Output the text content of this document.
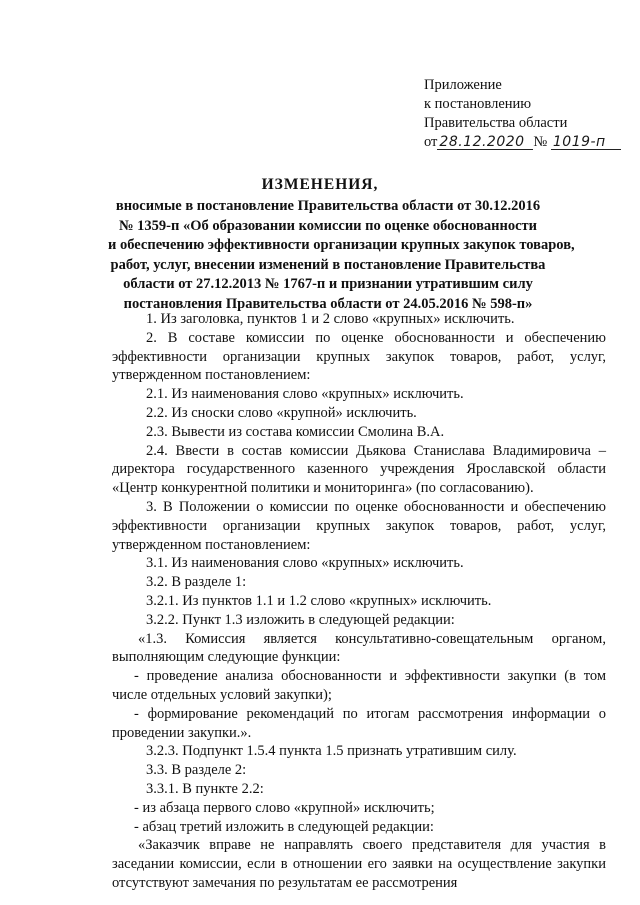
Приложение
к постановлению
Правительства области
от 28.12.2020 № 1019-п
ИЗМЕНЕНИЯ,
вносимые в постановление Правительства области от 30.12.2016
№ 1359-п «Об образовании комиссии по оценке обоснованности
и обеспечению эффективности организации крупных закупок товаров,
работ, услуг, внесении изменений в постановление Правительства
области от 27.12.2013 № 1767-п и признании утратившим силу
постановления Правительства области от 24.05.2016 № 598-п»

1. Из заголовка, пунктов 1 и 2 слово «крупных» исключить.

2. В составе комиссии по оценке обоснованности и обеспечению эффективности организации крупных закупок товаров, работ, услуг, утвержденном постановлением:

2.1. Из наименования слово «крупных» исключить.

2.2. Из сноски слово «крупной» исключить.

2.3. Вывести из состава комиссии Смолина В.А.

2.4. Ввести в состав комиссии Дьякова Станислава Владимировича – директора государственного казенного учреждения Ярославской области «Центр конкурентной политики и мониторинга» (по согласованию).

3. В Положении о комиссии по оценке обоснованности и обеспечению эффективности организации крупных закупок товаров, работ, услуг, утвержденном постановлением:

3.1. Из наименования слово «крупных» исключить.

3.2. В разделе 1:

3.2.1. Из пунктов 1.1 и 1.2 слово «крупных» исключить.

3.2.2. Пункт 1.3 изложить в следующей редакции:

«1.3. Комиссия является консультативно-совещательным органом, выполняющим следующие функции:

- проведение анализа обоснованности и эффективности закупки (в том числе отдельных условий закупки);

- формирование рекомендаций по итогам рассмотрения информации о проведении закупки.».

3.2.3. Подпункт 1.5.4 пункта 1.5 признать утратившим силу.

3.3. В разделе 2:

3.3.1. В пункте 2.2:

- из абзаца первого слово «крупной» исключить;

- абзац третий изложить в следующей редакции:

«Заказчик вправе не направлять своего представителя для участия в заседании комиссии, если в отношении его заявки на осуществление закупки отсутствуют замечания по результатам ее рассмотрения
